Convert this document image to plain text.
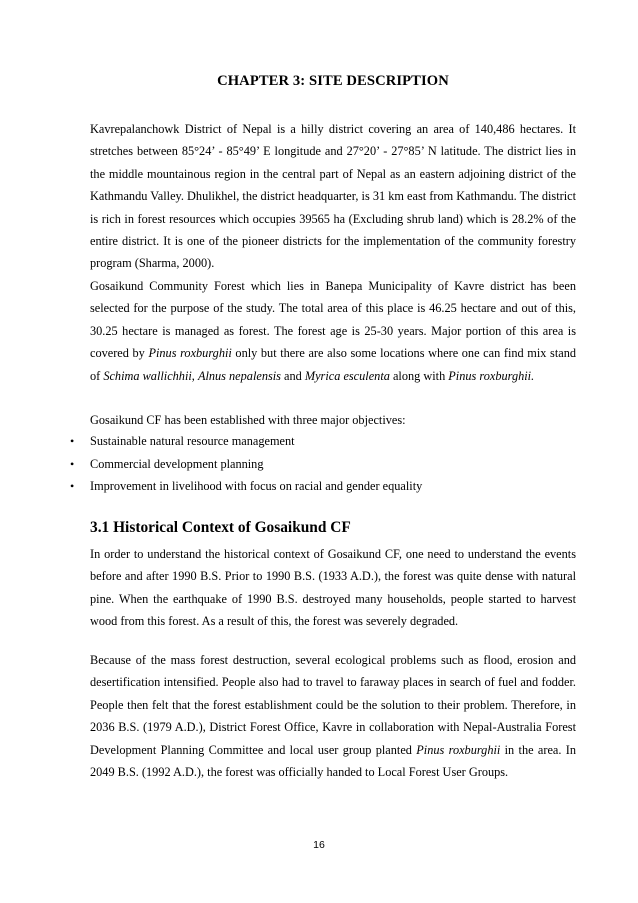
CHAPTER 3: SITE DESCRIPTION

Kavrepalanchowk District of Nepal is a hilly district covering an area of 140,486 hectares. It stretches between 85°24’ - 85°49’ E longitude and 27°20’ - 27°85’ N latitude. The district lies in the middle mountainous region in the central part of Nepal as an eastern adjoining district of the Kathmandu Valley. Dhulikhel, the district headquarter, is 31 km east from Kathmandu. The district is rich in forest resources which occupies 39565 ha (Excluding shrub land) which is 28.2% of the entire district. It is one of the pioneer districts for the implementation of the community forestry program (Sharma, 2000).

Gosaikund Community Forest which lies in Banepa Municipality of Kavre district has been selected for the purpose of the study. The total area of this place is 46.25 hectare and out of this, 30.25 hectare is managed as forest. The forest age is 25-30 years. Major portion of this area is covered by Pinus roxburghii only but there are also some locations where one can find mix stand of Schima wallichhii, Alnus nepalensis and Myrica esculenta along with Pinus roxburghii.

Gosaikund CF has been established with three major objectives:

• Sustainable natural resource management
• Commercial development planning
• Improvement in livelihood with focus on racial and gender equality
3.1 Historical Context of Gosaikund CF

In order to understand the historical context of Gosaikund CF, one need to understand the events before and after 1990 B.S. Prior to 1990 B.S. (1933 A.D.), the forest was quite dense with natural pine. When the earthquake of 1990 B.S. destroyed many households, people started to harvest wood from this forest. As a result of this, the forest was severely degraded.

Because of the mass forest destruction, several ecological problems such as flood, erosion and desertification intensified. People also had to travel to faraway places in search of fuel and fodder. People then felt that the forest establishment could be the solution to their problem. Therefore, in 2036 B.S. (1979 A.D.), District Forest Office, Kavre in collaboration with Nepal-Australia Forest Development Planning Committee and local user group planted Pinus roxburghii in the area. In 2049 B.S. (1992 A.D.), the forest was officially handed to Local Forest User Groups.

16
